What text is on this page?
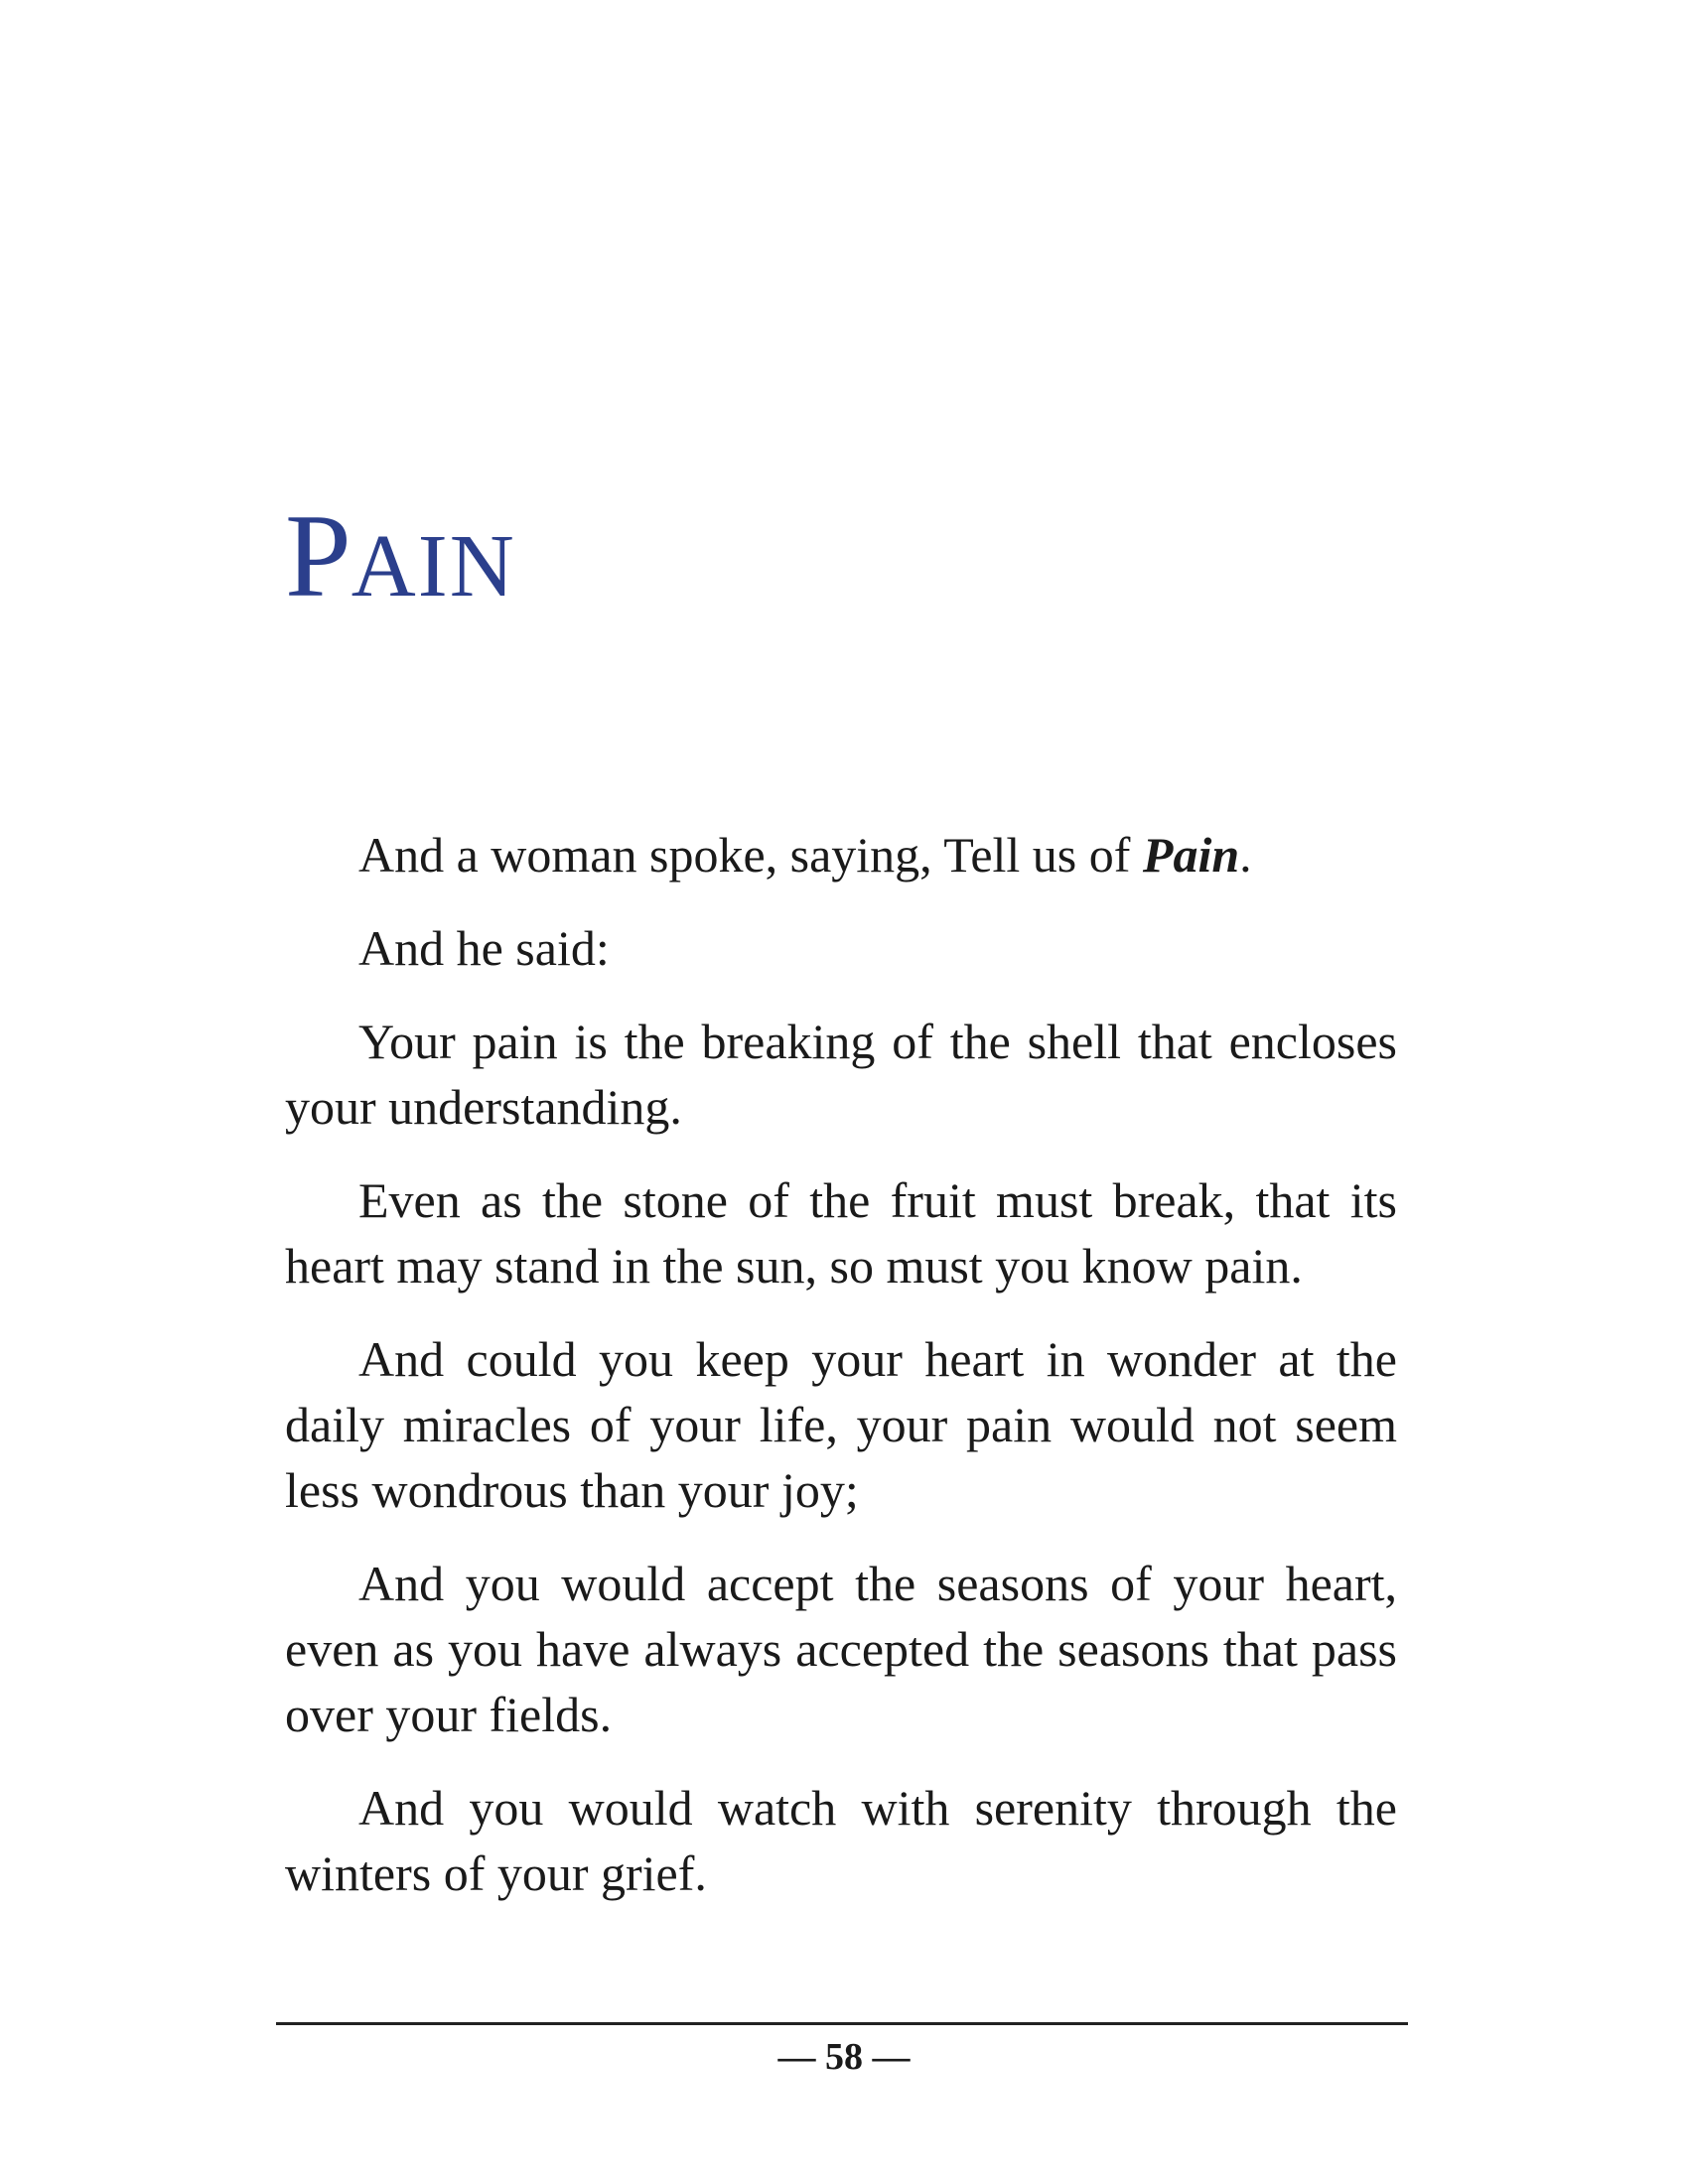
PAIN

And a woman spoke, saying, Tell us of Pain.

And he said:

Your pain is the breaking of the shell that encloses your understanding.

Even as the stone of the fruit must break, that its heart may stand in the sun, so must you know pain.

And could you keep your heart in wonder at the daily miracles of your life, your pain would not seem less wondrous than your joy;

And you would accept the seasons of your heart, even as you have always accepted the seasons that pass over your fields.

And you would watch with serenity through the winters of your grief.

— 58 —
